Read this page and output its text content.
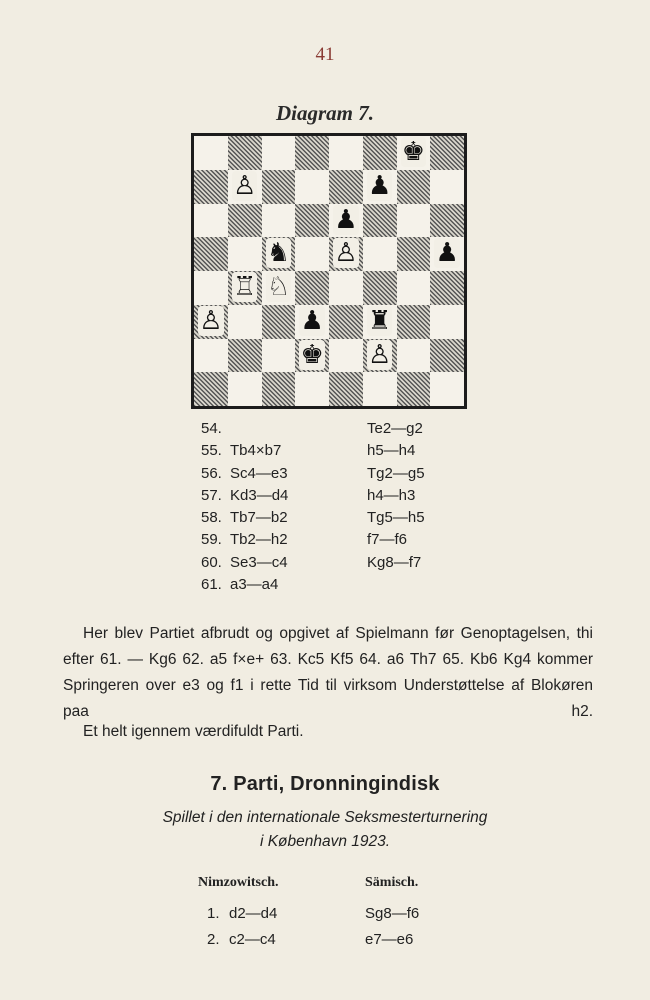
41
Diagram 7.
♚
♙	♟
♟
♞ ♙	♟
♖ ♘
♙	♟ ♜
♚ ♙
54.	Te2—g2
55. Tb4×b7	h5—h4
56. Sc4—e3	Tg2—g5
57. Kd3—d4	h4—h3
58. Tb7—b2	Tg5—h5
59. Tb2—h2	f7—f6
60. Se3—c4	Kg8—f7
61. a3—a4

Her blev Partiet afbrudt og opgivet af Spielmann før Genoptagelsen, thi efter 61. — Kg6 62. a5 f×e+ 63. Kc5 Kf5 64. a6 Th7 65. Kb6 Kg4 kommer Springeren over e3 og f1 i rette Tid til virksom Understøttelse af Blokøren paa h2.

Et helt igennem værdifuldt Parti.
7. Parti, Dronningindisk
Spillet i den internationale Seksmesterturnering
i København 1923.
Nimzowitsch.	Sämisch.
1. d2—d4	Sg8—f6
2. c2—c4	e7—e6
